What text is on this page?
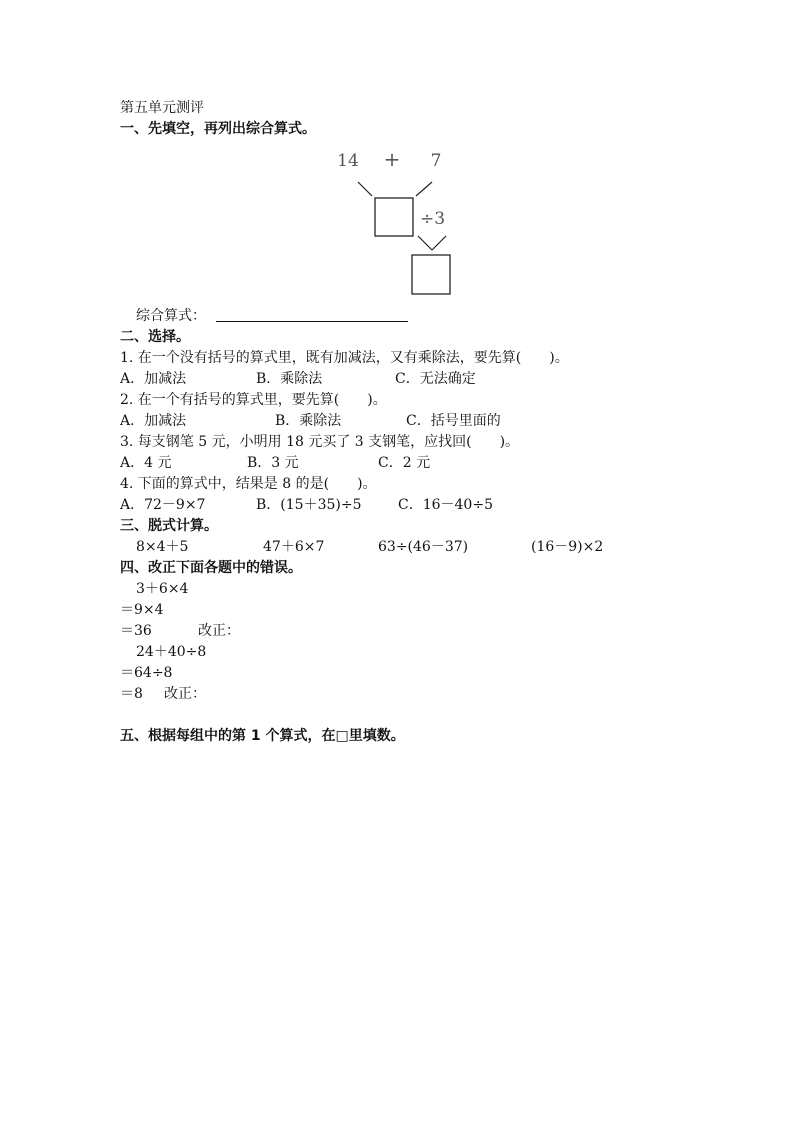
第五单元测评
一、先填空，再列出综合算式。
14 + 7
÷3
综合算式：
二、选择。
1. 在一个没有括号的算式里，既有加减法，又有乘除法，要先算(　　)。
A．加减法	B．乘除法	C．无法确定
2. 在一个有括号的算式里，要先算(　　)。
A．加减法	B．乘除法	C．括号里面的
3. 每支钢笔 5 元，小明用 18 元买了 3 支钢笔，应找回(　　)。
A．4 元	B．3 元	C．2 元
4. 下面的算式中，结果是 8 的是(　　)。
A．72－9×7	B．(15＋35)÷5	C．16－40÷5
三、脱式计算。
8×4＋5	47＋6×7	63÷(46－37)	(16－9)×2
四、改正下面各题中的错误。
3＋6×4
＝9×4
＝36	改正：
24＋40÷8
＝64÷8
＝8 改正：
五、根据每组中的第 1 个算式，在□里填数。
